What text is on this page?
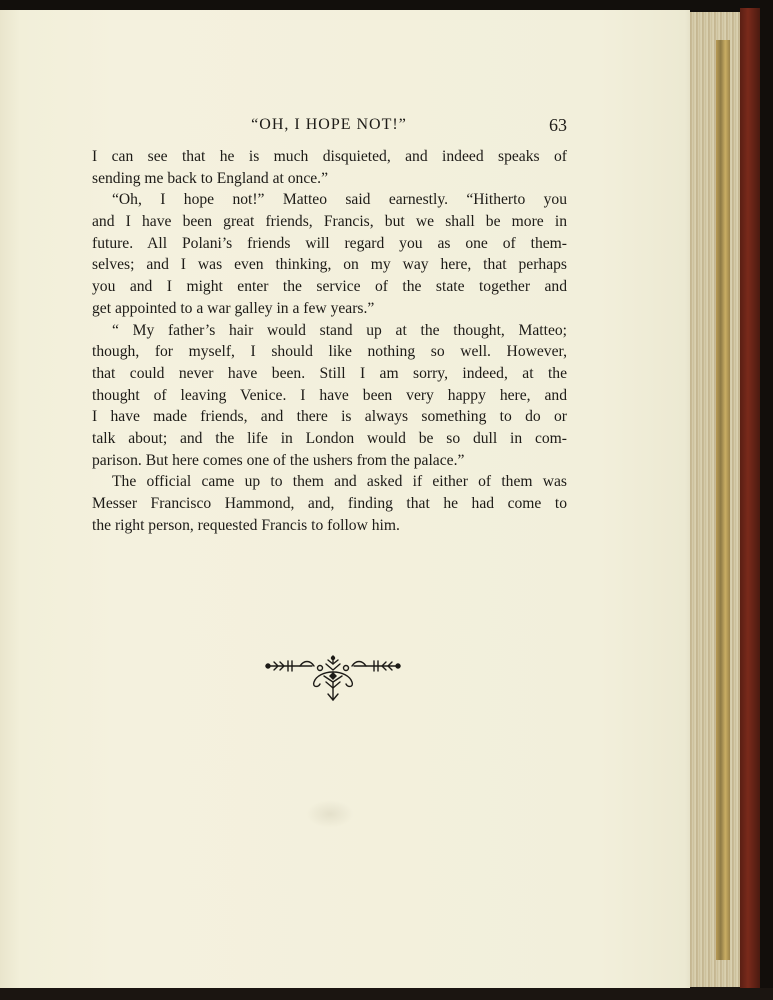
“OH, I HOPE NOT!”	63
I can see that he is much disquieted, and indeed speaks of
sending me back to England at once.”
“Oh, I hope not!” Matteo said earnestly. “Hitherto you
and I have been great friends, Francis, but we shall be more in
future. All Polani’s friends will regard you as one of them-
selves; and I was even thinking, on my way here, that perhaps
you and I might enter the service of the state together and
get appointed to a war galley in a few years.”
“ My father’s hair would stand up at the thought, Matteo;
though, for myself, I should like nothing so well. However,
that could never have been. Still I am sorry, indeed, at the
thought of leaving Venice. I have been very happy here, and
I have made friends, and there is always something to do or
talk about; and the life in London would be so dull in com-
parison. But here comes one of the ushers from the palace.”
The official came up to them and asked if either of them was
Messer Francisco Hammond, and, finding that he had come to
the right person, requested Francis to follow him.
